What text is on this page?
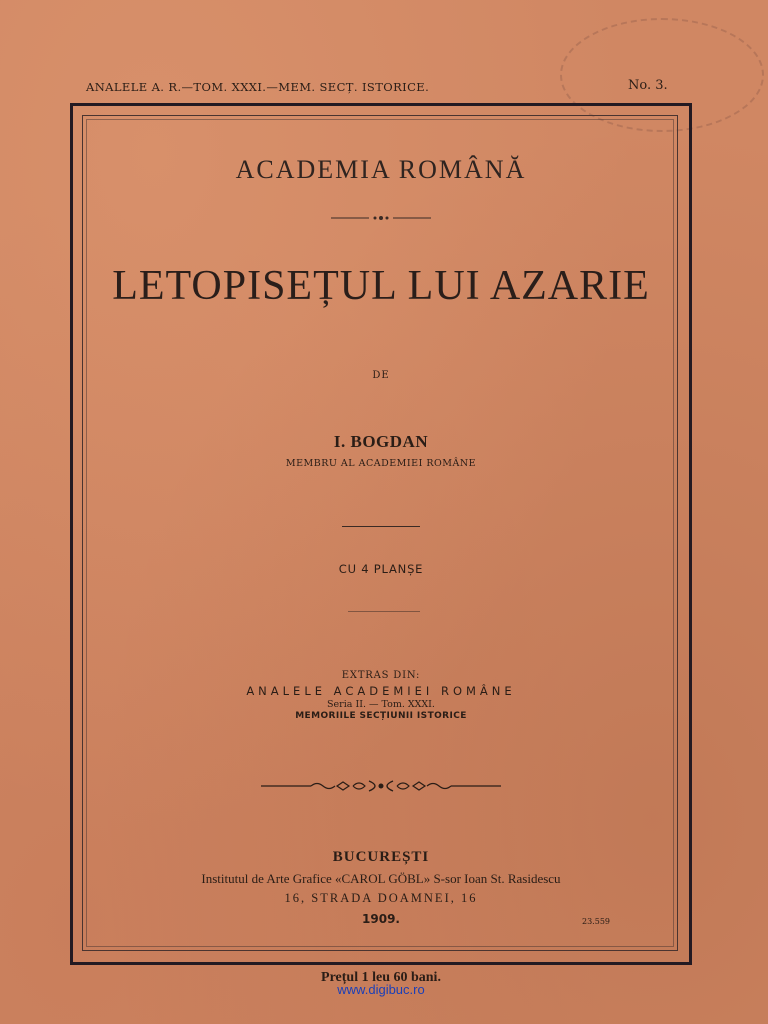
ANALELE A. R.—TOM. XXXI.—MEM. SECȚ. ISTORICE.	No. 3.
ACADEMIA ROMÂNĂ
LETOPISEȚUL LUI AZARIE
DE
I. BOGDAN
MEMBRU AL ACADEMIEI ROMÂNE
CU 4 PLANȘE
EXTRAS DIN:
ANALELE ACADEMIEI ROMÂNE
Seria II. — Tom. XXXI.
MEMORIILE SECȚIUNII ISTORICE
BUCUREȘTI
Institutul de Arte Grafice «CAROL GÖBL» S-sor Ioan St. Rasidescu
16, STRADA DOAMNEI, 16
1909.	23.559
Prețul 1 leu 60 bani.
www.digibuc.ro
